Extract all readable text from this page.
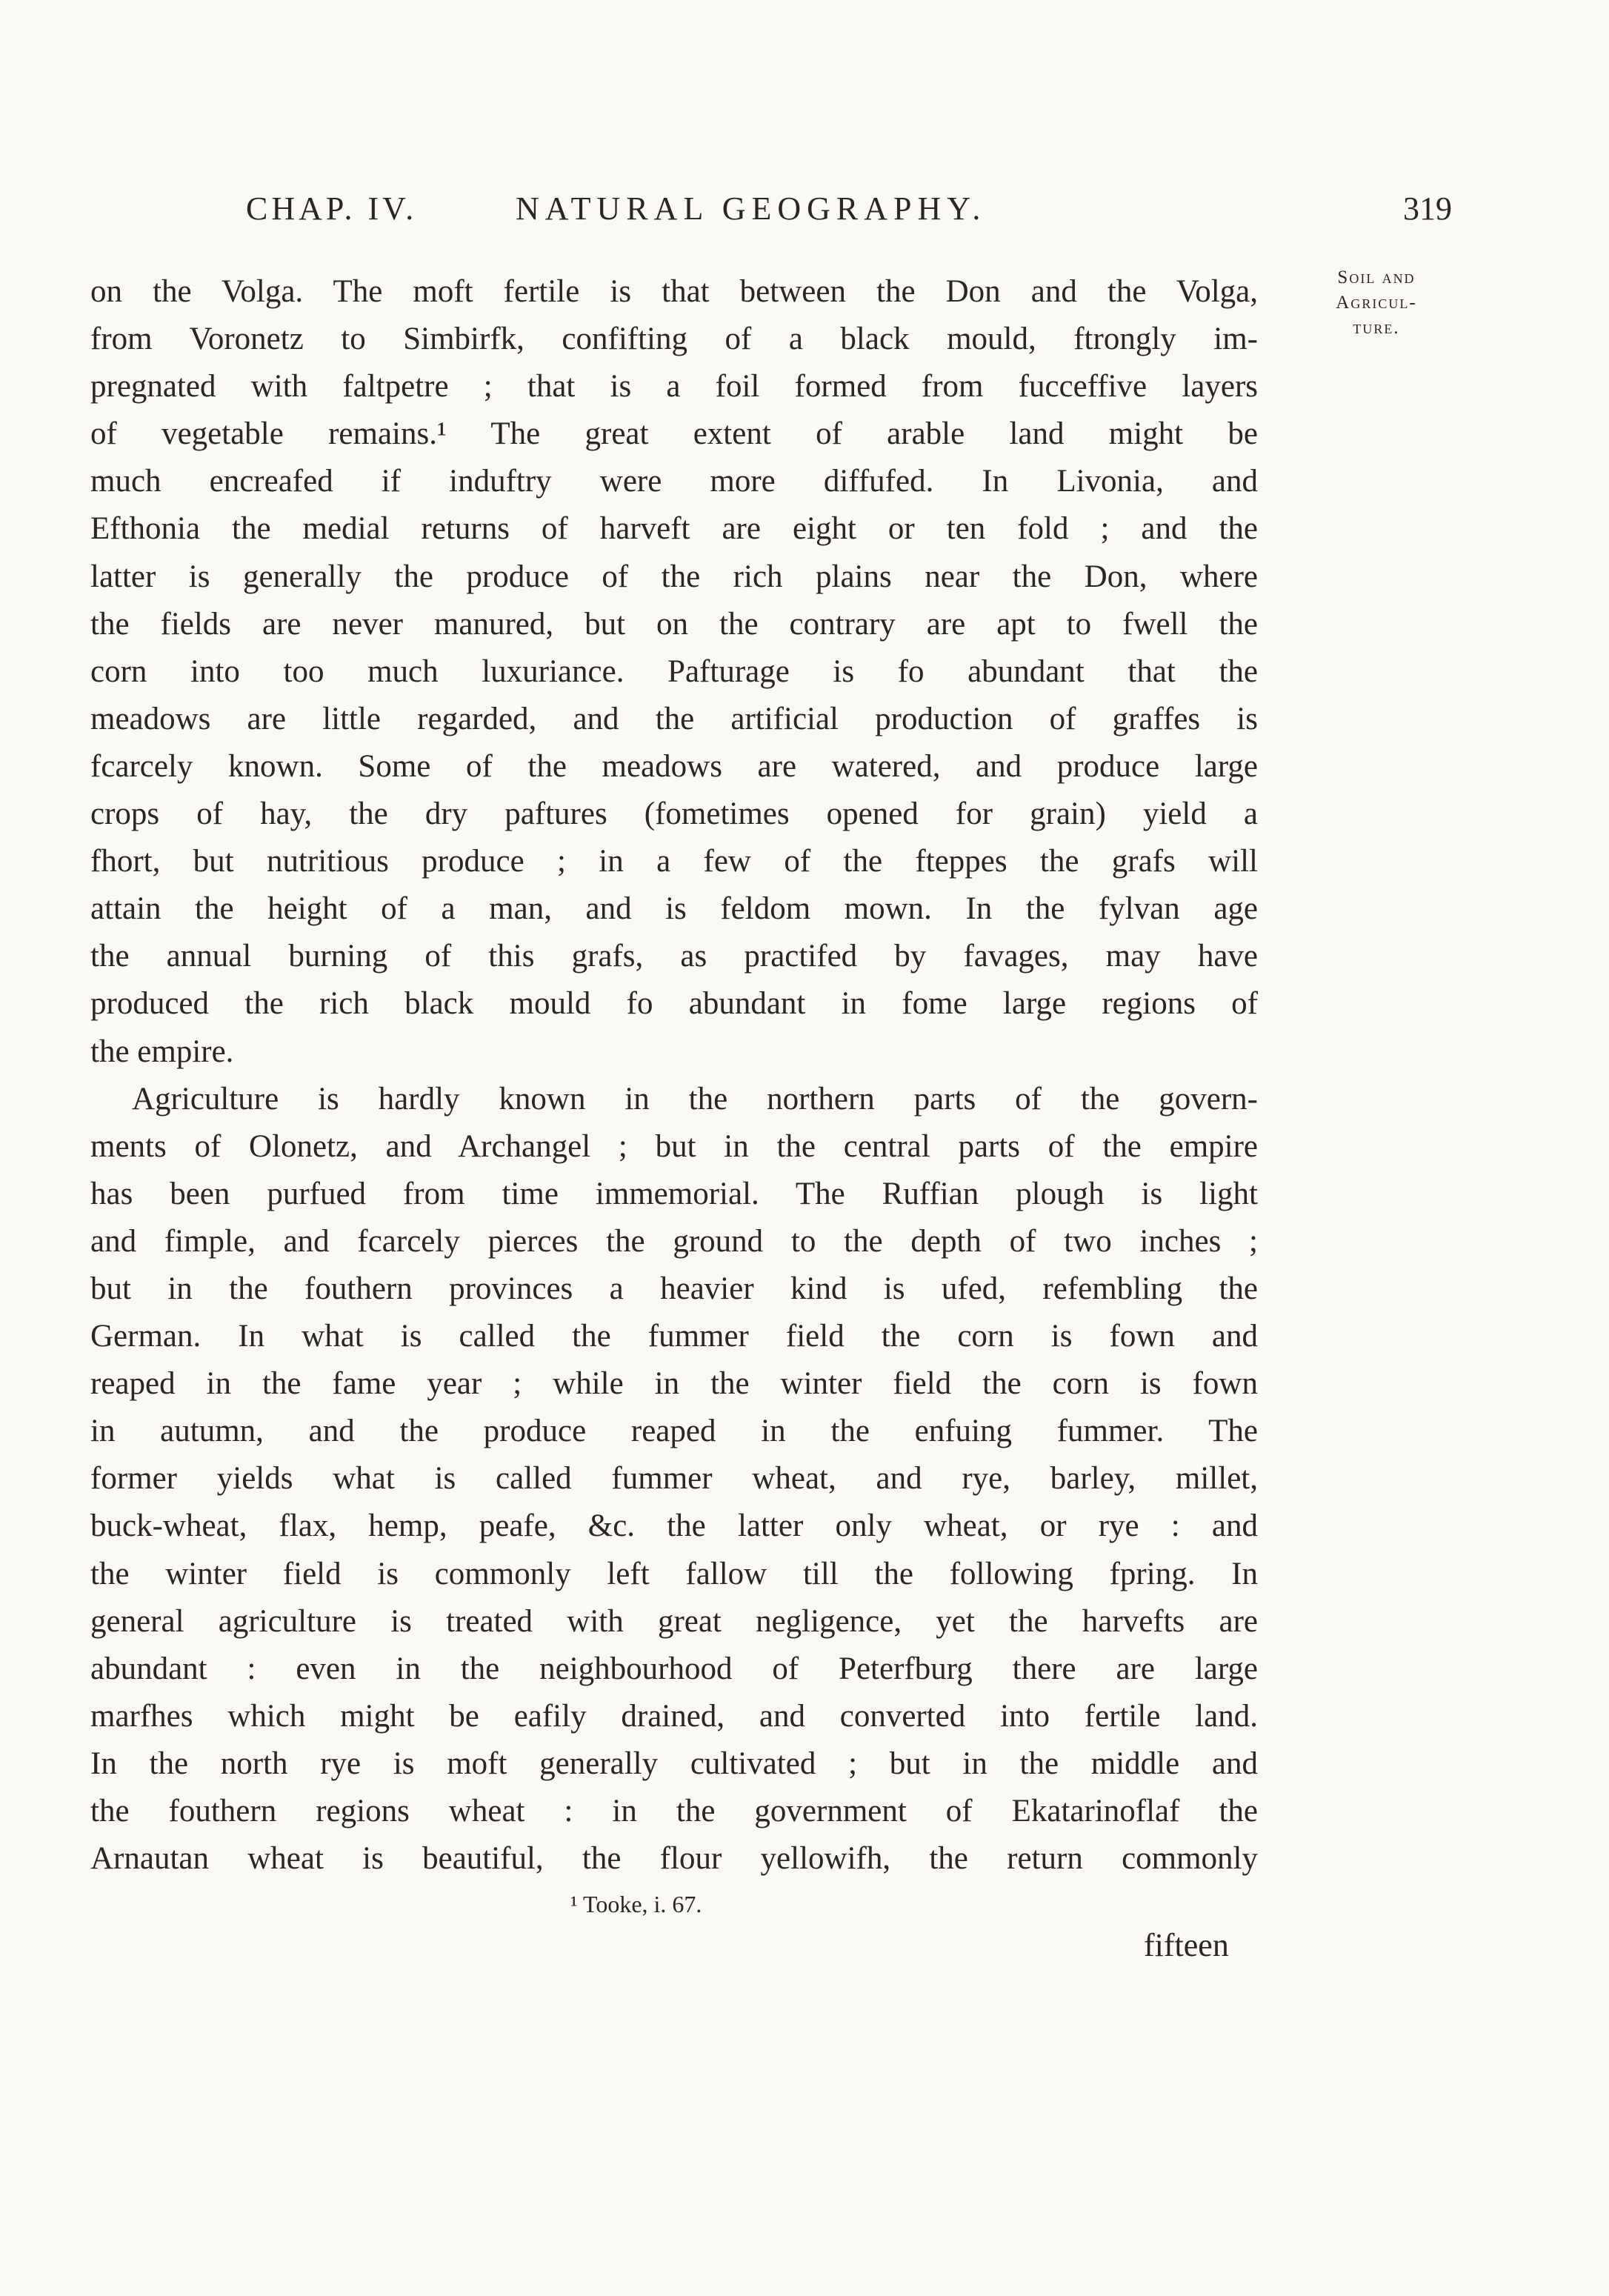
CHAP. IV.	NATURAL GEOGRAPHY.	319
Soil and
Agricul-
ture.
on the Volga. The moft fertile is that between the Don and the Volga,
from Voronetz to Simbirfk, confifting of a black mould, ftrongly im-
pregnated with faltpetre ; that is a foil formed from fucceffive layers
of vegetable remains.¹ The great extent of arable land might be
much encreafed if induftry were more diffufed. In Livonia, and
Efthonia the medial returns of harveft are eight or ten fold ; and the
latter is generally the produce of the rich plains near the Don, where
the fields are never manured, but on the contrary are apt to fwell the
corn into too much luxuriance. Pafturage is fo abundant that the
meadows are little regarded, and the artificial production of graffes is
fcarcely known. Some of the meadows are watered, and produce large
crops of hay, the dry paftures (fometimes opened for grain) yield a
fhort, but nutritious produce ; in a few of the fteppes the grafs will
attain the height of a man, and is feldom mown. In the fylvan age
the annual burning of this grafs, as practifed by favages, may have
produced the rich black mould fo abundant in fome large regions of
the empire.
Agriculture is hardly known in the northern parts of the govern-
ments of Olonetz, and Archangel ; but in the central parts of the empire
has been purfued from time immemorial. The Ruffian plough is light
and fimple, and fcarcely pierces the ground to the depth of two inches ;
but in the fouthern provinces a heavier kind is ufed, refembling the
German. In what is called the fummer field the corn is fown and
reaped in the fame year ; while in the winter field the corn is fown
in autumn, and the produce reaped in the enfuing fummer. The
former yields what is called fummer wheat, and rye, barley, millet,
buck-wheat, flax, hemp, peafe, &c. the latter only wheat, or rye : and
the winter field is commonly left fallow till the following fpring. In
general agriculture is treated with great negligence, yet the harvefts are
abundant : even in the neighbourhood of Peterfburg there are large
marfhes which might be eafily drained, and converted into fertile land.
In the north rye is moft generally cultivated ; but in the middle and
the fouthern regions wheat : in the government of Ekatarinoflaf the
Arnautan wheat is beautiful, the flour yellowifh, the return commonly
¹ Tooke, i. 67.
fifteen
